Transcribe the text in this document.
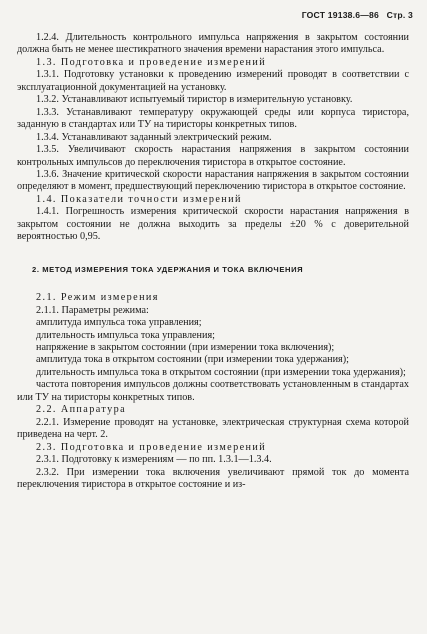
ГОСТ 19138.6—86 Стр. 3

1.2.4. Длительность контрольного импульса напряжения в закрытом состоянии должна быть не менее шестикратного значения времени нарастания этого импульса.

1.3. Подготовка и проведение измерений

1.3.1. Подготовку установки к проведению измерений проводят в соответствии с эксплуатационной документацией на установку.

1.3.2. Устанавливают испытуемый тиристор в измерительную установку.

1.3.3. Устанавливают температуру окружающей среды или корпуса тиристора, заданную в стандартах или ТУ на тиристоры конкретных типов.

1.3.4. Устанавливают заданный электрический режим.

1.3.5. Увеличивают скорость нарастания напряжения в закрытом состоянии контрольных импульсов до переключения тиристора в открытое состояние.

1.3.6. Значение критической скорости нарастания напряжения в закрытом состоянии определяют в момент, предшествующий переключению тиристора в открытое состояние.

1.4. Показатели точности измерений

1.4.1. Погрешность измерения критической скорости нарастания напряжения в закрытом состоянии не должна выходить за пределы ±20 % с доверительной вероятностью 0,95.

2. МЕТОД ИЗМЕРЕНИЯ ТОКА УДЕРЖАНИЯ И ТОКА ВКЛЮЧЕНИЯ

2.1. Режим измерения

2.1.1. Параметры режима:

амплитуда импульса тока управления;

длительность импульса тока управления;

напряжение в закрытом состоянии (при измерении тока включения);

амплитуда тока в открытом состоянии (при измерении тока удержания);

длительность импульса тока в открытом состоянии (при измерении тока удержания);

частота повторения импульсов должны соответствовать установленным в стандартах или ТУ на тиристоры конкретных типов.

2.2. Аппаратура

2.2.1. Измерение проводят на установке, электрическая структурная схема которой приведена на черт. 2.

2.3. Подготовка и проведение измерений

2.3.1. Подготовку к измерениям — по пп. 1.3.1—1.3.4.

2.3.2. При измерении тока включения увеличивают прямой ток до момента переключения тиристора в открытое состояние и из-
